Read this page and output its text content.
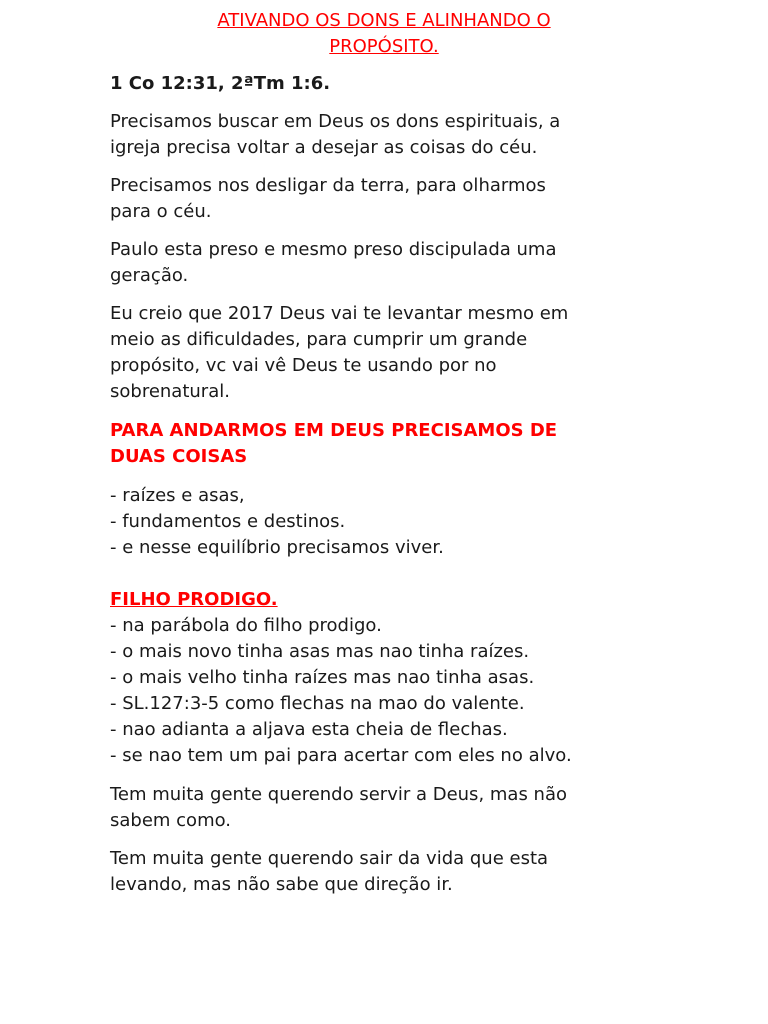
ATIVANDO OS DONS E ALINHANDO O
PROPÓSITO.
1 Co 12:31, 2ªTm 1:6.
Precisamos buscar em Deus os dons espirituais, a
igreja precisa voltar a desejar as coisas do céu.
Precisamos nos desligar da terra, para olharmos
para o céu.
Paulo esta preso e mesmo preso discipulada uma
geração.
Eu creio que 2017 Deus vai te levantar mesmo em
meio as dificuldades, para cumprir um grande
propósito, vc vai vê Deus te usando por no
sobrenatural.
PARA ANDARMOS EM DEUS PRECISAMOS DE
DUAS COISAS
- raízes e asas,
- fundamentos e destinos.
- e nesse equilíbrio precisamos viver.
FILHO PRODIGO.
- na parábola do filho prodigo.
- o mais novo tinha asas mas nao tinha raízes.
- o mais velho tinha raízes mas nao tinha asas.
- SL.127:3-5 como flechas na mao do valente.
- nao adianta a aljava esta cheia de flechas.
- se nao tem um pai para acertar com eles no alvo.
Tem muita gente querendo servir a Deus, mas não
sabem como.
Tem muita gente querendo sair da vida que esta
levando, mas não sabe que direção ir.
